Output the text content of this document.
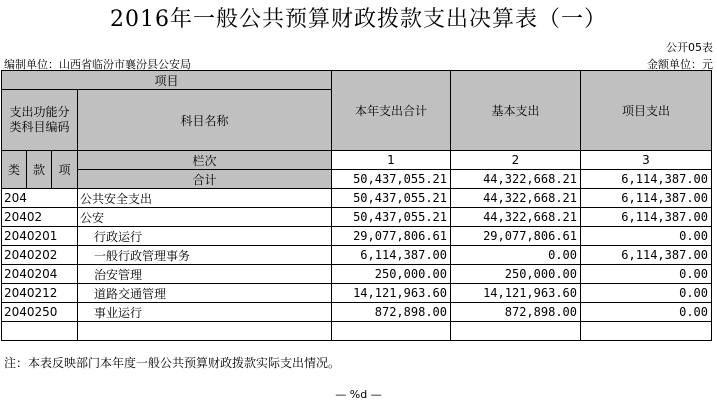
2016年一般公共预算财政拨款支出决算表（一）
公开05表
编制单位：山西省临汾市襄汾县公安局	金额单位：元
项目				本年支出合计	基本支出	项目支出
支出功能分类科目编码			科目名称			

类	款	项	栏次	1	2	3
			合计	50,437,055.21	44,322,668.21	6,114,387.00
204			公共安全支出	50,437,055.21	44,322,668.21	6,114,387.00
20402			公安	50,437,055.21	44,322,668.21	6,114,387.00
2040201			行政运行	29,077,806.61	29,077,806.61	0.00
2040202			一般行政管理事务	6,114,387.00	0.00	6,114,387.00
2040204			治安管理	250,000.00	250,000.00	0.00
2040212			道路交通管理	14,121,963.60	14,121,963.60	0.00
2040250			事业运行	872,898.00	872,898.00	0.00

注：本表反映部门本年度一般公共预算财政拨款实际支出情况。
— %d —
